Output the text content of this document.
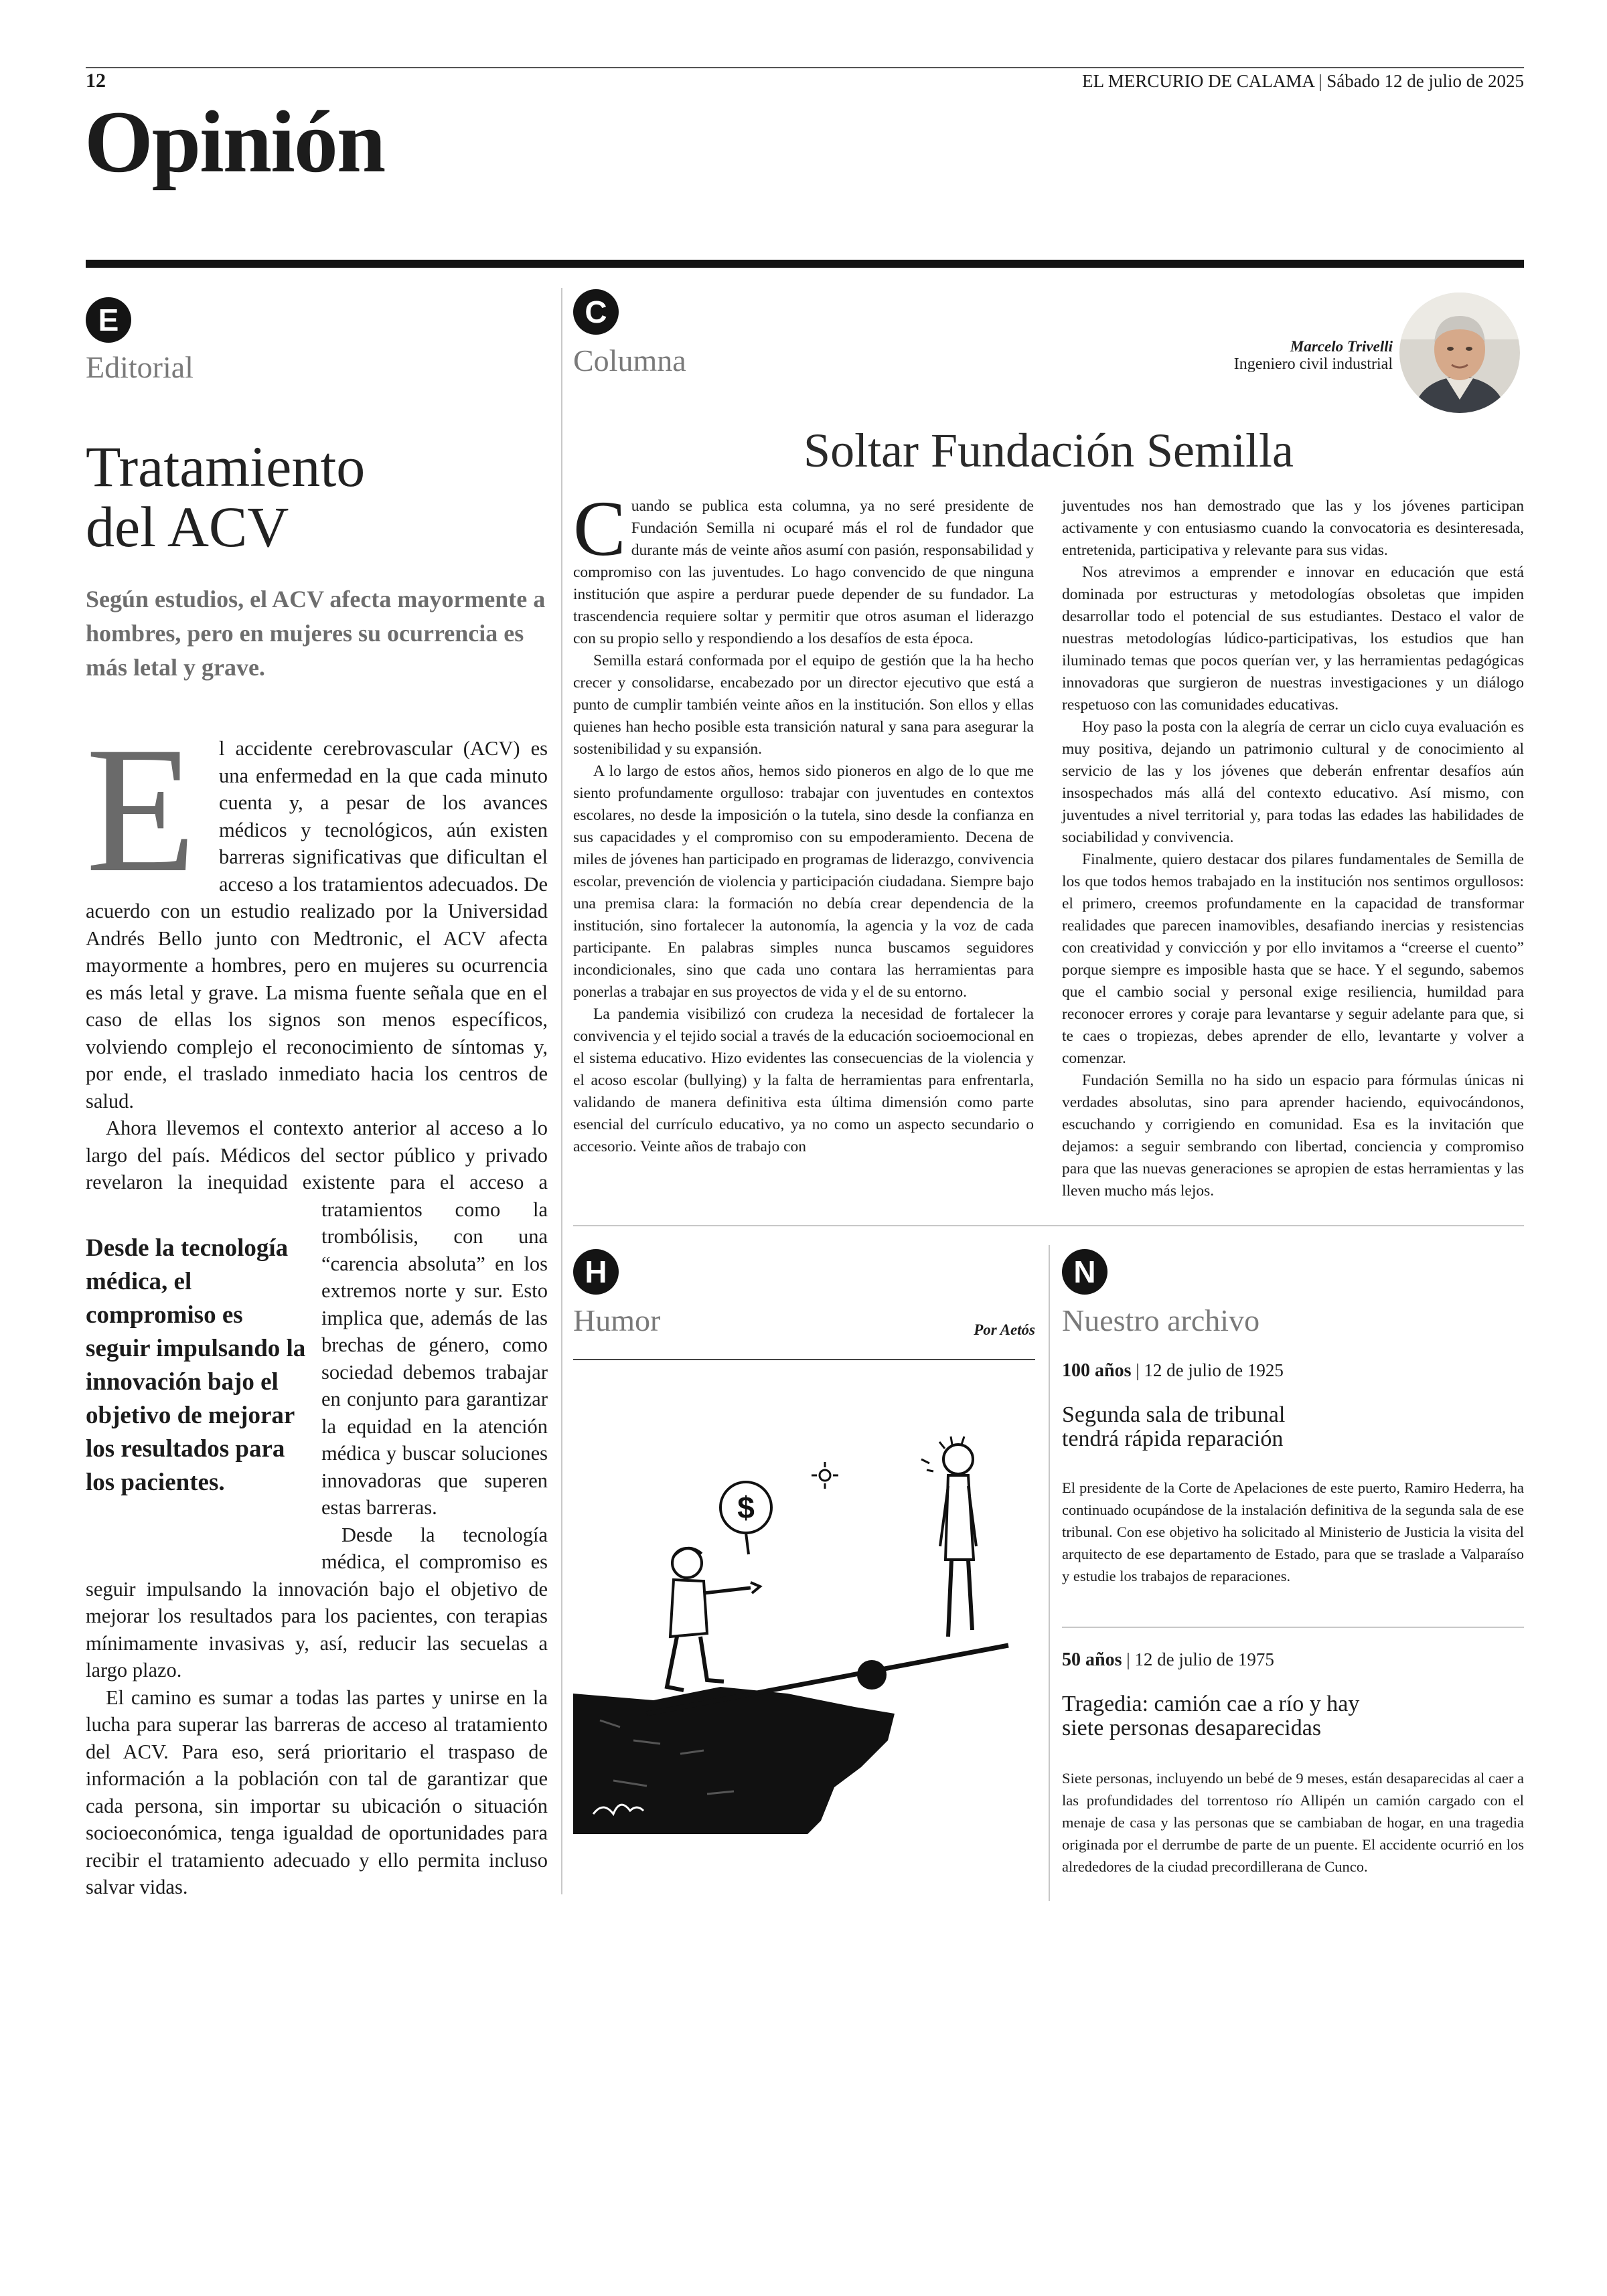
12	EL MERCURIO DE CALAMA | Sábado 12 de julio de 2025
Opinión
E
Editorial
Tratamiento
del ACV
Según estudios, el ACV afecta mayormente a hombres, pero en mujeres su ocurrencia es más letal y grave.

E l accidente cerebrovascular (ACV) es una enfermedad en la que cada minuto cuenta y, a pesar de los avances médicos y tecnológicos, aún existen barreras significativas que dificultan el acceso a los tratamientos adecuados. De acuerdo con un estudio realizado por la Universidad Andrés Bello junto con Medtronic, el ACV afecta mayormente a hombres, pero en mujeres su ocurrencia es más letal y grave. La misma fuente señala que en el caso de ellas los signos son menos específicos, volviendo complejo el reconocimiento de síntomas y, por ende, el traslado inmediato hacia los centros de salud.

Ahora llevemos el contexto anterior al acceso a lo largo del país. Médicos del sector público y privado revelaron la inequidad existente para el acceso a tratamientos como la trombólisis, con una “carencia absoluta” en los extremos norte y sur. Esto implica que, además de las brechas de género, como sociedad debemos trabajar en conjunto para garantizar la equidad en la atención médica y buscar soluciones innovadoras que superen estas barreras.

Desde la tecnología médica, el compromiso es seguir impulsando la innovación bajo el objetivo de mejorar los resultados para los pacientes, con terapias mínimamente invasivas y, así, reducir las secuelas a largo plazo.

El camino es sumar a todas las partes y unirse en la lucha para superar las barreras de acceso al tratamiento del ACV. Para eso, será prioritario el traspaso de información a la población con tal de garantizar que cada persona, sin importar su ubicación o situación socioeconómica, tenga igualdad de oportunidades para recibir el tratamiento adecuado y ello permita incluso salvar vidas.

Desde la tecnología médica, el compromiso es seguir impulsando la innovación bajo el objetivo de mejorar los resultados para los pacientes.
C
Columna	Marcelo Trivelli
Ingeniero civil industrial
Soltar Fundación Semilla

Cuando se publica esta columna, ya no seré presidente de Fundación Semilla ni ocuparé más el rol de fundador que durante más de veinte años asumí con pasión, responsabilidad y compromiso con las juventudes. Lo hago convencido de que ninguna institución que aspire a perdurar puede depender de su fundador. La trascendencia requiere soltar y permitir que otros asuman el liderazgo con su propio sello y respondiendo a los desafíos de esta época.

Semilla estará conformada por el equipo de gestión que la ha hecho crecer y consolidarse, encabezado por un director ejecutivo que está a punto de cumplir también veinte años en la institución. Son ellos y ellas quienes han hecho posible esta transición natural y sana para asegurar la sostenibilidad y su expansión.

A lo largo de estos años, hemos sido pioneros en algo de lo que me siento profundamente orgulloso: trabajar con juventudes en contextos escolares, no desde la imposición o la tutela, sino desde la confianza en sus capacidades y el compromiso con su empoderamiento. Decena de miles de jóvenes han participado en programas de liderazgo, convivencia escolar, prevención de violencia y participación ciudadana. Siempre bajo una premisa clara: la formación no debía crear dependencia de la institución, sino fortalecer la autonomía, la agencia y la voz de cada participante. En palabras simples nunca buscamos seguidores incondicionales, sino que cada uno contara las herramientas para ponerlas a trabajar en sus proyectos de vida y el de su entorno.

La pandemia visibilizó con crudeza la necesidad de fortalecer la convivencia y el tejido social a través de la educación socioemocional en el sistema educativo. Hizo evidentes las consecuencias de la violencia y el acoso escolar (bullying) y la falta de herramientas para enfrentarla, validando de manera definitiva esta última dimensión como parte esencial del currículo educativo, ya no como un aspecto secundario o accesorio. Veinte años de trabajo con

juventudes nos han demostrado que las y los jóvenes participan activamente y con entusiasmo cuando la convocatoria es desinteresada, entretenida, participativa y relevante para sus vidas.

Nos atrevimos a emprender e innovar en educación que está dominada por estructuras y metodologías obsoletas que impiden desarrollar todo el potencial de sus estudiantes. Destaco el valor de nuestras metodologías lúdico-participativas, los estudios que han iluminado temas que pocos querían ver, y las herramientas pedagógicas innovadoras que surgieron de nuestras investigaciones y un diálogo respetuoso con las comunidades educativas.

Hoy paso la posta con la alegría de cerrar un ciclo cuya evaluación es muy positiva, dejando un patrimonio cultural y de conocimiento al servicio de las y los jóvenes que deberán enfrentar desafíos aún insospechados más allá del contexto educativo. Así mismo, con juventudes a nivel territorial y, para todas las edades las habilidades de sociabilidad y convivencia.

Finalmente, quiero destacar dos pilares fundamentales de Semilla de los que todos hemos trabajado en la institución nos sentimos orgullosos: el primero, creemos profundamente en la capacidad de transformar realidades que parecen inamovibles, desafiando inercias y resistencias con creatividad y convicción y por ello invitamos a “creerse el cuento” porque siempre es imposible hasta que se hace. Y el segundo, sabemos que el cambio social y personal exige resiliencia, humildad para reconocer errores y coraje para levantarse y seguir adelante para que, si te caes o tropiezas, debes aprender de ello, levantarte y volver a comenzar.

Fundación Semilla no ha sido un espacio para fórmulas únicas ni verdades absolutas, sino para aprender haciendo, equivocándonos, escuchando y corrigiendo en comunidad. Esa es la invitación que dejamos: a seguir sembrando con libertad, conciencia y compromiso para que las nuevas generaciones se apropien de estas herramientas y las lleven mucho más lejos.

H
Humor	Por Aetós
$
N
Nuestro archivo
100 años | 12 de julio de 1925
Segunda sala de tribunal
tendrá rápida reparación

El presidente de la Corte de Apelaciones de este puerto, Ramiro Hederra, ha continuado ocupándose de la instalación definitiva de la segunda sala de ese tribunal. Con ese objetivo ha solicitado al Ministerio de Justicia la visita del arquitecto de ese departamento de Estado, para que se traslade a Valparaíso y estudie los trabajos de reparaciones.

50 años | 12 de julio de 1975
Tragedia: camión cae a río y hay
siete personas desaparecidas

Siete personas, incluyendo un bebé de 9 meses, están desaparecidas al caer a las profundidades del torrentoso río Allipén un camión cargado con el menaje de casa y las personas que se cambiaban de hogar, en una tragedia originada por el derrumbe de parte de un puente. El accidente ocurrió en los alrededores de la ciudad precordillerana de Cunco.
